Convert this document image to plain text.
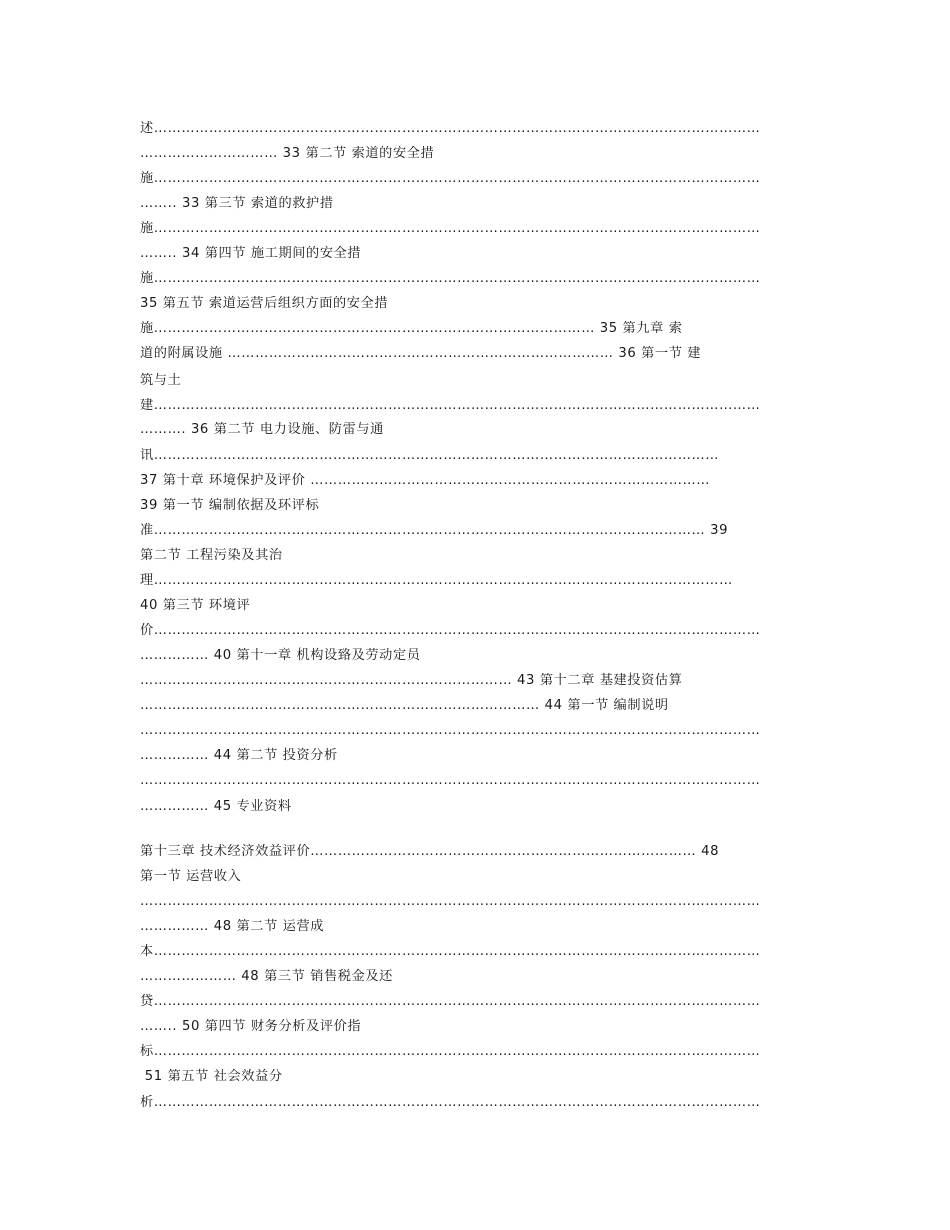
述……………………………………………………………………………………………………………………
………………………… 33 第二节 索道的安全措
施……………………………………………………………………………………………………………………
…….. 33 第三节 索道的救护措
施……………………………………………………………………………………………………………………
…….. 34 第四节 施工期间的安全措
施……………………………………………………………………………………………………………………
35 第五节 索道运营后组织方面的安全措
施…………………………………………………………………………………… 35 第九章 索
道的附属设施 ………………………………………………………………………… 36 第一节 建
筑与土
建……………………………………………………………………………………………………………………
………. 36 第二节 电力设施、防雷与通
讯……………………………………………………………………………………………………………
37 第十章 环境保护及评价 ……………………………………………………………………………
39 第一节 编制依据及环评标
准………………………………………………………………………………………………………… 39
第二节 工程污染及其治
理………………………………………………………………………………………………………………
40 第三节 环境评
价……………………………………………………………………………………………………………………
…………… 40 第十一章 机构设臵及劳动定员
……………………………………………………………………… 43 第十二章 基建投资估算
…………………………………………………………………………… 44 第一节 编制说明
………………………………………………………………………………………………………………………
…………… 44 第二节 投资分析
………………………………………………………………………………………………………………………
…………… 45 专业资料
第十三章 技术经济效益评价………………………………………………………………………… 48
第一节 运营收入
………………………………………………………………………………………………………………………
…………… 48 第二节 运营成
本……………………………………………………………………………………………………………………
………………… 48 第三节 销售税金及还
贷……………………………………………………………………………………………………………………
…….. 50 第四节 财务分析及评价指
标……………………………………………………………………………………………………………………
51 第五节 社会效益分
析……………………………………………………………………………………………………………………
